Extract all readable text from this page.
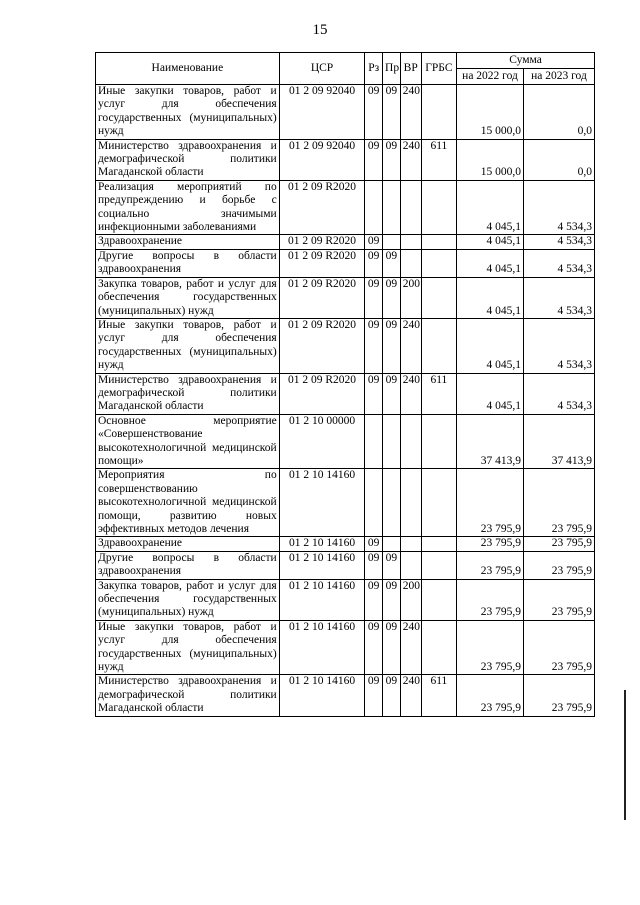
15
Наименование	ЦСР	Рз	Пр	ВР	ГРБС	Сумма	
						на 2022 год	на 2023 год
Иные закупки товаров, работ и услуг для обеспечения государственных (муниципальных) нужд	01 2 09 92040	09	09	240		15 000,0	0,0
Министерство здравоохранения и демографической политики Магаданской области	01 2 09 92040	09	09	240	611	15 000,0	0,0
Реализация мероприятий по предупреждению и борьбе с социально значимыми инфекционными заболеваниями	01 2 09 R2020					4 045,1	4 534,3
Здравоохранение	01 2 09 R2020	09				4 045,1	4 534,3
Другие вопросы в области здравоохранения	01 2 09 R2020	09	09			4 045,1	4 534,3
Закупка товаров, работ и услуг для обеспечения государственных (муниципальных) нужд	01 2 09 R2020	09	09	200		4 045,1	4 534,3
Иные закупки товаров, работ и услуг для обеспечения государственных (муниципальных) нужд	01 2 09 R2020	09	09	240		4 045,1	4 534,3
Министерство здравоохранения и демографической политики Магаданской области	01 2 09 R2020	09	09	240	611	4 045,1	4 534,3
Основное мероприятие «Совершенствование высокотехнологичной медицинской помощи»	01 2 10 00000					37 413,9	37 413,9
Мероприятия по совершенствованию высокотехнологичной медицинской помощи, развитию новых эффективных методов лечения	01 2 10 14160					23 795,9	23 795,9
Здравоохранение	01 2 10 14160	09				23 795,9	23 795,9
Другие вопросы в области здравоохранения	01 2 10 14160	09	09			23 795,9	23 795,9
Закупка товаров, работ и услуг для обеспечения государственных (муниципальных) нужд	01 2 10 14160	09	09	200		23 795,9	23 795,9
Иные закупки товаров, работ и услуг для обеспечения государственных (муниципальных) нужд	01 2 10 14160	09	09	240		23 795,9	23 795,9
Министерство здравоохранения и демографической политики Магаданской области	01 2 10 14160	09	09	240	611	23 795,9	23 795,9
